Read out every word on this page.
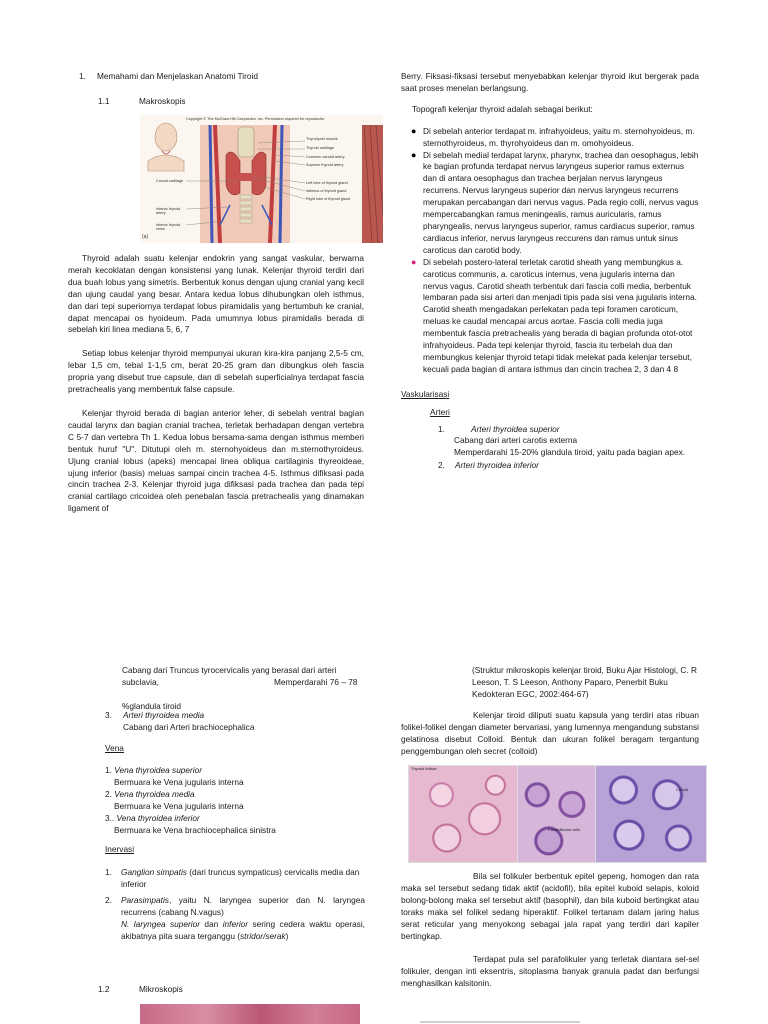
1. Memahami dan Menjelaskan Anatomi Tiroid
1.1	Makroskopis
Copyright © The McGraw-Hill Companies, Inc. Permission required for reproductio
Thyrohyoid muscle
Thyroid cartilage
Common carotid artery
Superior thyroid artery
Left lobe of thyroid gland
Isthmus of thyroid gland
Right lobe of thyroid gland
Cricoid cartilage
Inferior thyroid artery
Inferior thyroid veins
(a)

Thyroid adalah suatu kelenjar endokrin yang sangat vaskular, berwarna merah kecoklatan dengan konsistensi yang lunak. Kelenjar thyroid terdiri dari dua buah lobus yang simetris. Berbentuk konus dengan ujung cranial yang kecil dan ujung caudal yang besar. Antara kedua lobus dihubungkan oleh isthmus, dan dari tepi superiornya terdapat lobus piramidalis yang bertumbuh ke cranial, dapat mencapai os hyoideum. Pada umumnya lobus piramidalis berada di sebelah kiri linea mediana 5, 6, 7

Setiap lobus kelenjar thyroid mempunyai ukuran kira-kira panjang 2,5-5 cm, lebar 1,5 cm, tebal 1-1,5 cm, berat 20-25 gram dan dibungkus oleh fascia propria yang disebut true capsule, dan di sebelah superficialnya terdapat fascia pretrachealis yang membentuk false capsule.

Kelenjar thyroid berada di bagian anterior leher, di sebelah ventral bagian caudal larynx dan bagian cranial trachea, terletak berhadapan dengan vertebra C 5-7 dan vertebra Th 1. Kedua lobus bersama-sama dengan isthmus memberi bentuk huruf "U". Ditutupi oleh m. sternohyoideus dan m.sternothyroideus. Ujung cranial lobus (apeks) mencapai linea obliqua cartilaginis thyreoideae, ujung inferior (basis) meluas sampai cincin trachea 4-5. Isthmus difiksasi pada cincin trachea 2-3. Kelenjar thyroid juga difiksasi pada trachea dan pada tepi cranial cartilago cricoidea oleh penebalan fascia pretrachealis yang dinamakan ligament of

Berry. Fiksasi-fiksasi tersebut menyebabkan kelenjar thyroid ikut bergerak pada saat proses menelan berlangsung.

Topografi kelenjar thyroid adalah sebagai berikut:

● Di sebelah anterior terdapat m. infrahyoideus, yaitu m. sternohyoideus, m. sternothyroideus, m. thyrohyoideus dan m. omohyoideus.
● Di sebelah medial terdapat larynx, pharynx, trachea dan oesophagus, lebih ke bagian profunda terdapat nervus laryngeus superior ramus externus dan di antara oesophagus dan trachea berjalan nervus laryngeus recurrens. Nervus laryngeus superior dan nervus laryngeus recurrens merupakan percabangan dari nervus vagus. Pada regio colli, nervus vagus mempercabangkan ramus meningealis, ramus auricularis, ramus pharyngealis, nervus laryngeus superior, ramus cardiacus superior, ramus cardiacus inferior, nervus laryngeus reccurens dan ramus untuk sinus caroticus dan carotid body.
● Di sebelah postero-lateral terletak carotid sheath yang membungkus a. caroticus communis, a. caroticus internus, vena jugularis interna dan nervus vagus. Carotid sheath terbentuk dari fascia colli media, berbentuk lembaran pada sisi arteri dan menjadi tipis pada sisi vena jugularis interna. Carotid sheath mengadakan perlekatan pada tepi foramen caroticum, meluas ke caudal mencapai arcus aortae. Fascia colli media juga membentuk fascia pretrachealis yang berada di bagian profunda otot-otot infrahyoideus. Pada tepi kelenjar thyroid, fascia itu terbelah dua dan membungkus kelenjar thyroid tetapi tidak melekat pada kelenjar tersebut, kecuali pada bagian di antara isthmus dan cincin trachea 2, 3 dan 4 8
Vaskularisasi
Arteri
1.	Arteri thyroidea superior
Cabang dari arteri carotis externa
Memperdarahi 15-20% glandula tiroid, yaitu pada bagian apex.
2. Arteri thyroidea inferior
Cabang dari Truncus tyrocervicalis yang berasal dari arteri subclavia,	Memperdarahi 76 – 78
%glandula tiroid
3. Arteri thyroidea media
Cabang dari Arteri brachiocephalica
Vena
1. Vena thyroidea superior
Bermuara ke Vena jugularis interna
2. Vena thyroidea media
Bermuara ke Vena jugularis interna
3.. Vena thyroidea inferior
Bermuara ke Vena brachiocephalica sinistra
Inervasi
1. Ganglion simpatis (dari truncus sympaticus) cervicalis media dan inferior
2. Parasimpatis, yaitu N. laryngea superior dan N. laryngea recurrens (cabang N.vagus)
N. laryngea superior dan inferior sering cedera waktu operasi, akibatnya pita suara terganggu (stridor/serak)
1.2	Mikroskopis
(Struktur mikroskopis kelenjar tiroid, Buku Ajar Histologi, C. R Leeson, T. S Leeson, Anthony Paparo, Penerbit Buku Kedokteran EGC, 2002:464-67)

Kelenjar tiroid diliputi suatu kapsula yang terdiri atas ribuan folikel-folikel dengan diameter bervariasi, yang lumennya mengandung substansi gelatinosa disebut Colloid. Bentuk dan ukuran folikel beragam tergantung penggembungan oleh secret (colloid)

Thyroid follicle
Parafollicular cells
Colloid

Bila sel folikuler berbentuk epitel gepeng, homogen dan rata maka sel tersebut sedang tidak aktif (acidofil), bila epitel kuboid selapis, koloid bolong-bolong maka sel tersebut aktif (basophil), dan bila kuboid bertingkat atau toraks maka sel folikel sedang hiperaktif. Folikel tertanam dalam jaring halus serat reticular yang menyokong sebagai jala rapat yang terdiri dari kapiler bertingkap.

Terdapat pula sel parafolikuler yang terletak diantara sel-sel folikuler, dengan inti eksentris, sitoplasma banyak granula padat dan berfungsi menghasilkan kalsitonin.
